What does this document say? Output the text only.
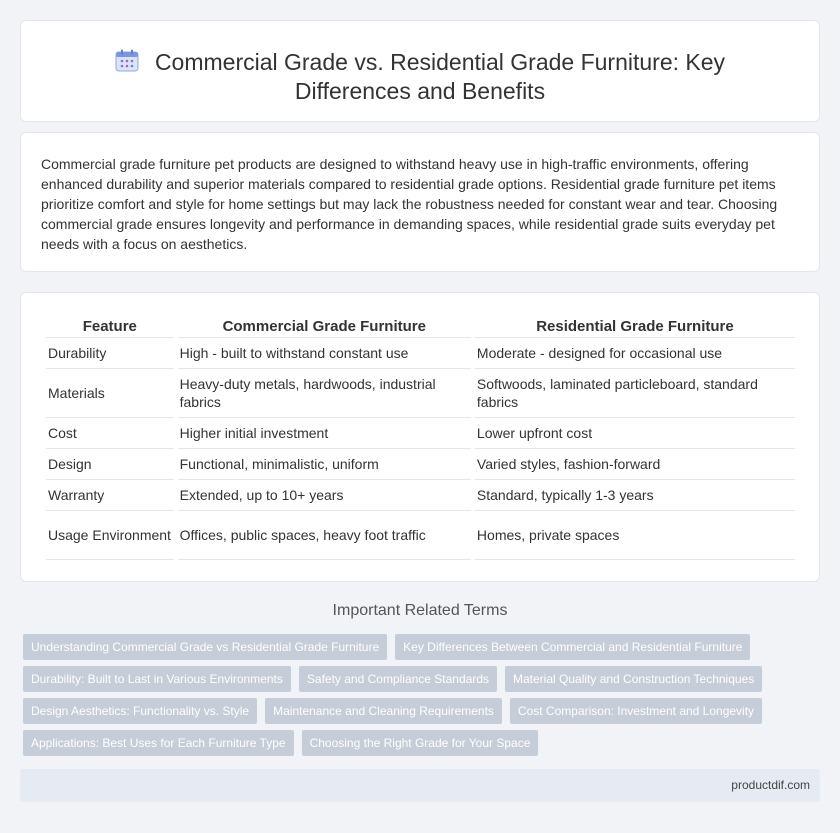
Commercial Grade vs. Residential Grade Furniture: Key Differences and Benefits

Commercial grade furniture pet products are designed to withstand heavy use in high-traffic environments, offering enhanced durability and superior materials compared to residential grade options. Residential grade furniture pet items prioritize comfort and style for home settings but may lack the robustness needed for constant wear and tear. Choosing commercial grade ensures longevity and performance in demanding spaces, while residential grade suits everyday pet needs with a focus on aesthetics.

Feature	Commercial Grade Furniture	Residential Grade Furniture
Durability	High - built to withstand constant use	Moderate - designed for occasional use
Materials	Heavy-duty metals, hardwoods, industrial fabrics	Softwoods, laminated particleboard, standard fabrics
Cost	Higher initial investment	Lower upfront cost
Design	Functional, minimalistic, uniform	Varied styles, fashion-forward
Warranty	Extended, up to 10+ years	Standard, typically 1-3 years
Usage Environment	Offices, public spaces, heavy foot traffic	Homes, private spaces
Important Related Terms
Understanding Commercial Grade vs Residential Grade Furniture	Key Differences Between Commercial and Residential Furniture
Durability: Built to Last in Various Environments	Safety and Compliance Standards	Material Quality and Construction Techniques
Design Aesthetics: Functionality vs. Style	Maintenance and Cleaning Requirements	Cost Comparison: Investment and Longevity
Applications: Best Uses for Each Furniture Type	Choosing the Right Grade for Your Space
productdif.com
